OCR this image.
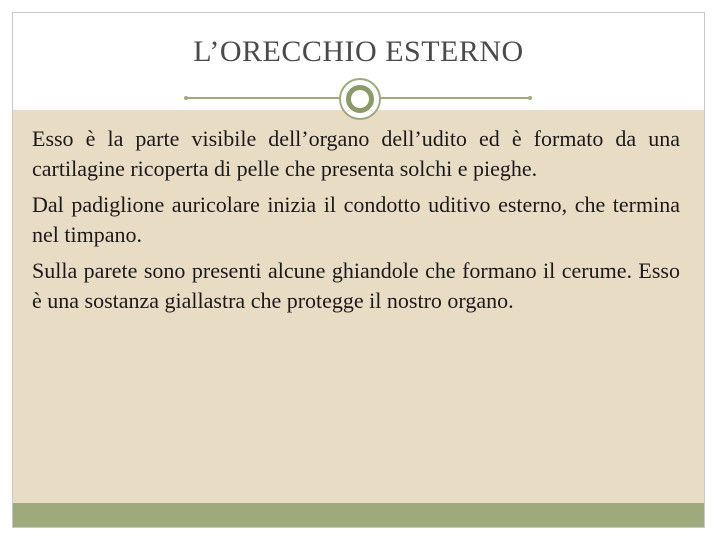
L’ORECCHIO ESTERNO

Esso è la parte visibile dell’organo dell’udito ed è formato da una cartilagine ricoperta di pelle che presenta solchi e pieghe.

Dal padiglione auricolare inizia il condotto uditivo esterno, che termina nel timpano.

Sulla parete sono presenti alcune ghiandole che formano il cerume. Esso è una sostanza giallastra che protegge il nostro organo.
